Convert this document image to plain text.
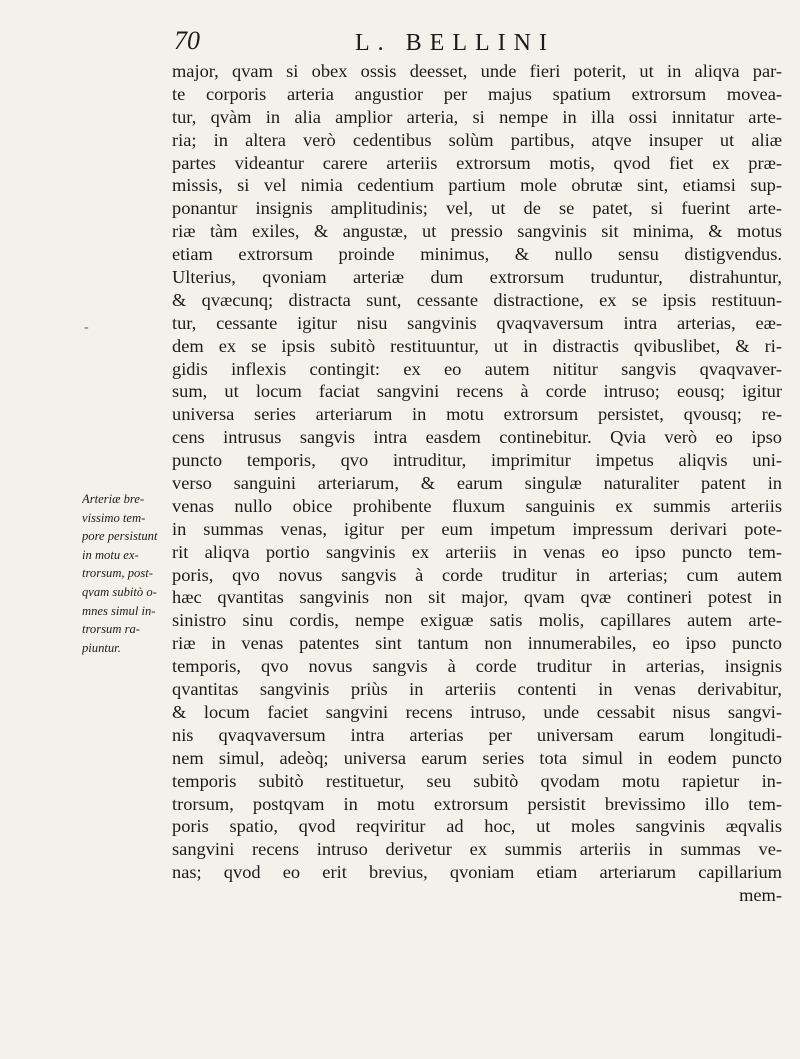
70	L. BELLINI
-
Arteriæ bre-
vissimo tem-
pore persistunt
in motu ex-
trorsum, post-
qvam subitò o-
mnes simul in-
trorsum ra-
piuntur.
major, qvam si obex ossis deesset, unde fieri poterit, ut in aliqva par-
te corporis arteria angustior per majus spatium extrorsum movea-
tur, qvàm in alia amplior arteria, si nempe in illa ossi innitatur arte-
ria; in altera verò cedentibus solùm partibus, atqve insuper ut aliæ
partes videantur carere arteriis extrorsum motis, qvod fiet ex præ-
missis, si vel nimia cedentium partium mole obrutæ sint, etiamsi sup-
ponantur insignis amplitudinis; vel, ut de se patet, si fuerint arte-
riæ tàm exiles, & angustæ, ut pressio sangvinis sit minima, & motus
etiam extrorsum proinde minimus, & nullo sensu distigvendus.
Ulterius, qvoniam arteriæ dum extrorsum truduntur, distrahuntur,
& qvæcunq; distracta sunt, cessante distractione, ex se ipsis restituun-
tur, cessante igitur nisu sangvinis qvaqvaversum intra arterias, eæ-
dem ex se ipsis subitò restituuntur, ut in distractis qvibuslibet, & ri-
gidis inflexis contingit: ex eo autem nititur sangvis qvaqvaver-
sum, ut locum faciat sangvini recens à corde intruso; eousq; igitur
universa series arteriarum in motu extrorsum persistet, qvousq; re-
cens intrusus sangvis intra easdem continebitur. Qvia verò eo ipso
puncto temporis, qvo intruditur, imprimitur impetus aliqvis uni-
verso sanguini arteriarum, & earum singulæ naturaliter patent in
venas nullo obice prohibente fluxum sanguinis ex summis arteriis
in summas venas, igitur per eum impetum impressum derivari pote-
rit aliqva portio sangvinis ex arteriis in venas eo ipso puncto tem-
poris, qvo novus sangvis à corde truditur in arterias; cum autem
hæc qvantitas sangvinis non sit major, qvam qvæ contineri potest in
sinistro sinu cordis, nempe exiguæ satis molis, capillares autem arte-
riæ in venas patentes sint tantum non innumerabiles, eo ipso puncto
temporis, qvo novus sangvis à corde truditur in arterias, insignis
qvantitas sangvinis priùs in arteriis contenti in venas derivabitur,
& locum faciet sangvini recens intruso, unde cessabit nisus sangvi-
nis qvaqvaversum intra arterias per universam earum longitudi-
nem simul, adeòq; universa earum series tota simul in eodem puncto
temporis subitò restituetur, seu subitò qvodam motu rapietur in-
trorsum, postqvam in motu extrorsum persistit brevissimo illo tem-
poris spatio, qvod reqviritur ad hoc, ut moles sangvinis æqvalis
sangvini recens intruso derivetur ex summis arteriis in summas ve-
nas; qvod eo erit brevius, qvoniam etiam arteriarum capillarium
mem-
